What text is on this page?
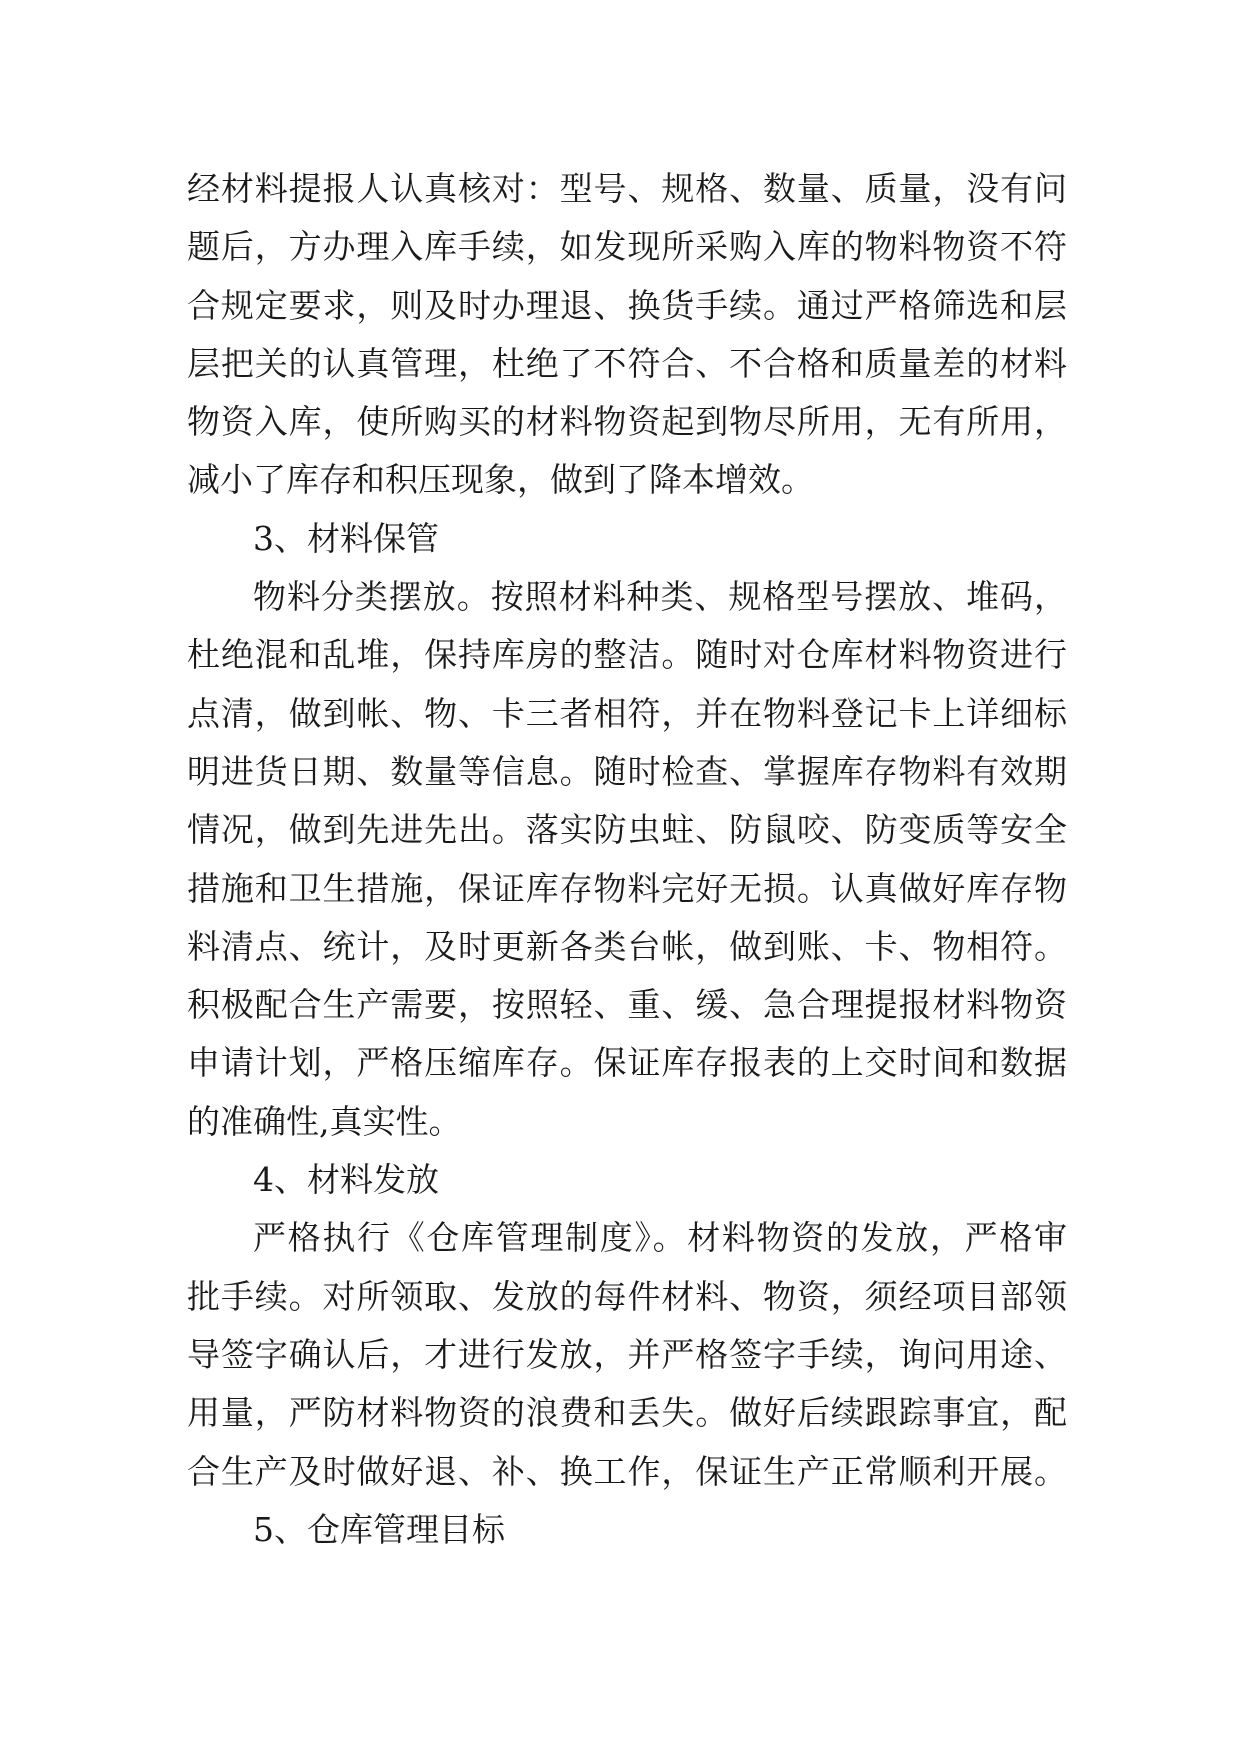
经材料提报人认真核对：型号、规格、数量、质量，没有问
题后，方办理入库手续，如发现所采购入库的物料物资不符
合规定要求，则及时办理退、换货手续。通过严格筛选和层
层把关的认真管理，杜绝了不符合、不合格和质量差的材料
物资入库，使所购买的材料物资起到物尽所用，无有所用，
减小了库存和积压现象，做到了降本增效。
3、材料保管
物料分类摆放。按照材料种类、规格型号摆放、堆码，
杜绝混和乱堆，保持库房的整洁。随时对仓库材料物资进行
点清，做到帐、物、卡三者相符，并在物料登记卡上详细标
明进货日期、数量等信息。随时检查、掌握库存物料有效期
情况，做到先进先出。落实防虫蛀、防鼠咬、防变质等安全
措施和卫生措施，保证库存物料完好无损。认真做好库存物
料清点、统计，及时更新各类台帐，做到账、卡、物相符。
积极配合生产需要，按照轻、重、缓、急合理提报材料物资
申请计划，严格压缩库存。保证库存报表的上交时间和数据
的准确性,真实性。
4、材料发放
严格执行《仓库管理制度》。材料物资的发放，严格审
批手续。对所领取、发放的每件材料、物资，须经项目部领
导签字确认后，才进行发放，并严格签字手续，询问用途、
用量，严防材料物资的浪费和丢失。做好后续跟踪事宜，配
合生产及时做好退、补、换工作，保证生产正常顺利开展。
5、仓库管理目标
